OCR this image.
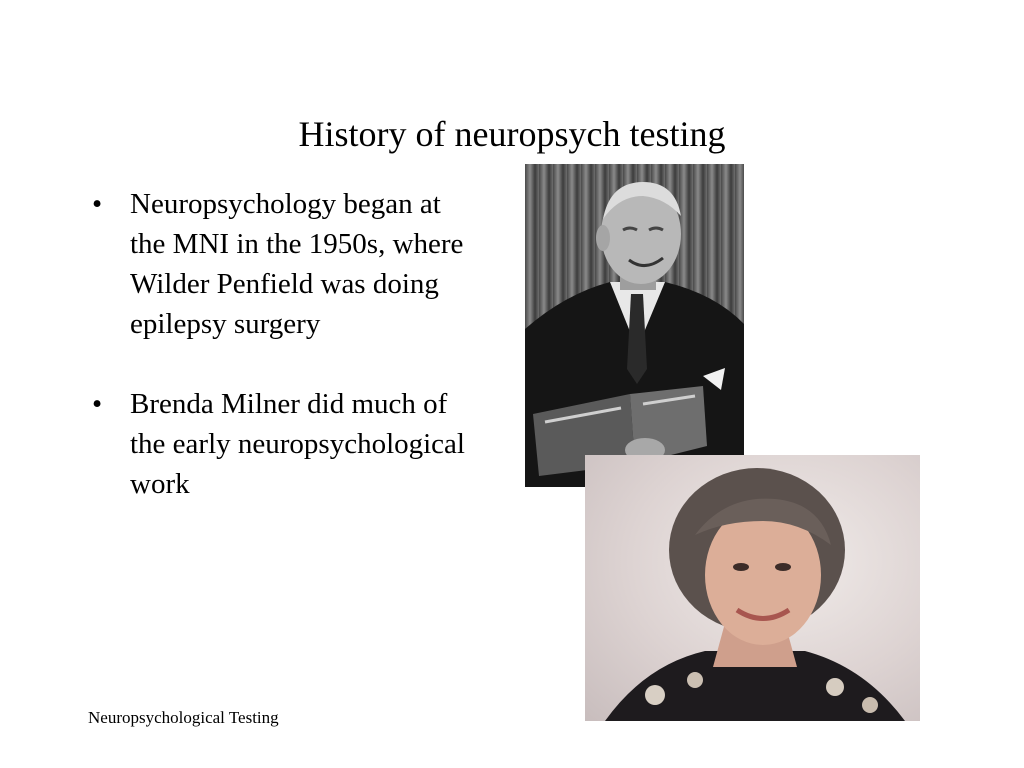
History of neuropsych testing
• Neuropsychology began at the MNI in the 1950s, where Wilder Penfield was doing epilepsy surgery
• Brenda Milner did much of the early neuropsychological work
Neuropsychological Testing
